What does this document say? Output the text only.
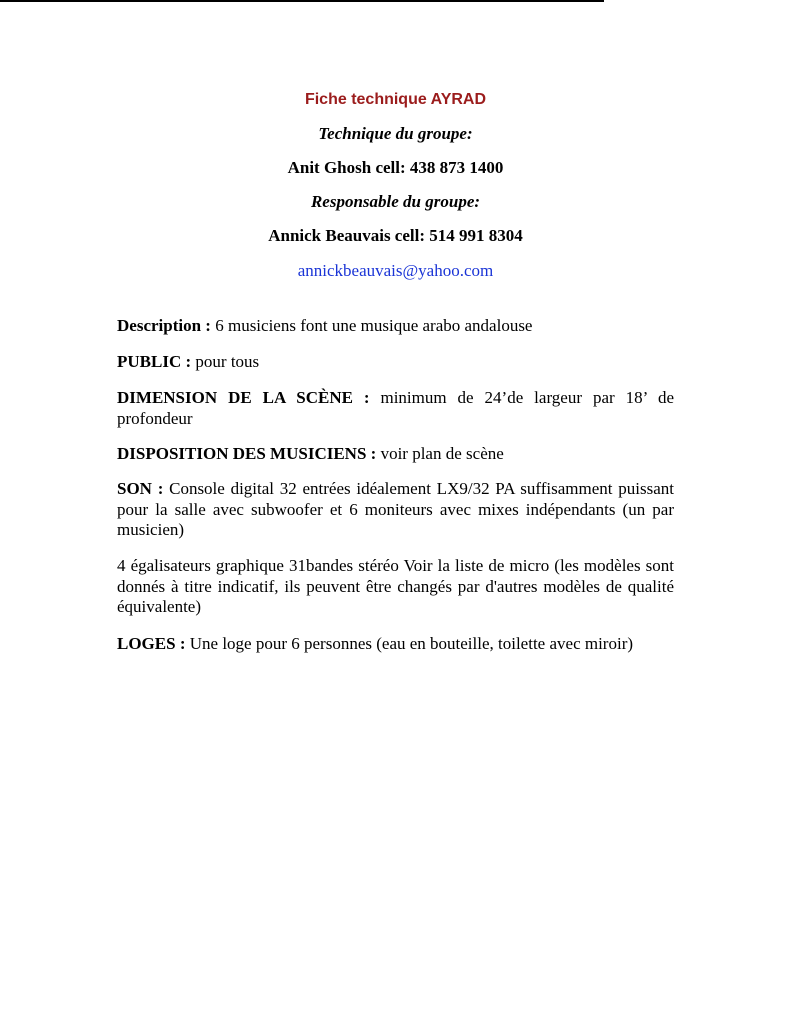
Fiche technique AYRAD

Technique du groupe:

Anit Ghosh cell: 438 873 1400

Responsable du groupe:

Annick Beauvais cell: 514 991 8304

annickbeauvais@yahoo.com

Description : 6 musiciens font une musique arabo andalouse

PUBLIC : pour tous

DIMENSION DE LA SCÈNE : minimum de 24’de largeur par 18’ de profondeur

DISPOSITION DES MUSICIENS : voir plan de scène

SON : Console digital 32 entrées idéalement LX9/32 PA suffisamment puissant pour la salle avec subwoofer et 6 moniteurs avec mixes indépendants (un par musicien)

4 égalisateurs graphique 31bandes stéréo Voir la liste de micro (les modèles sont donnés à titre indicatif, ils peuvent être changés par d'autres modèles de qualité équivalente)

LOGES : Une loge pour 6 personnes (eau en bouteille, toilette avec miroir)
